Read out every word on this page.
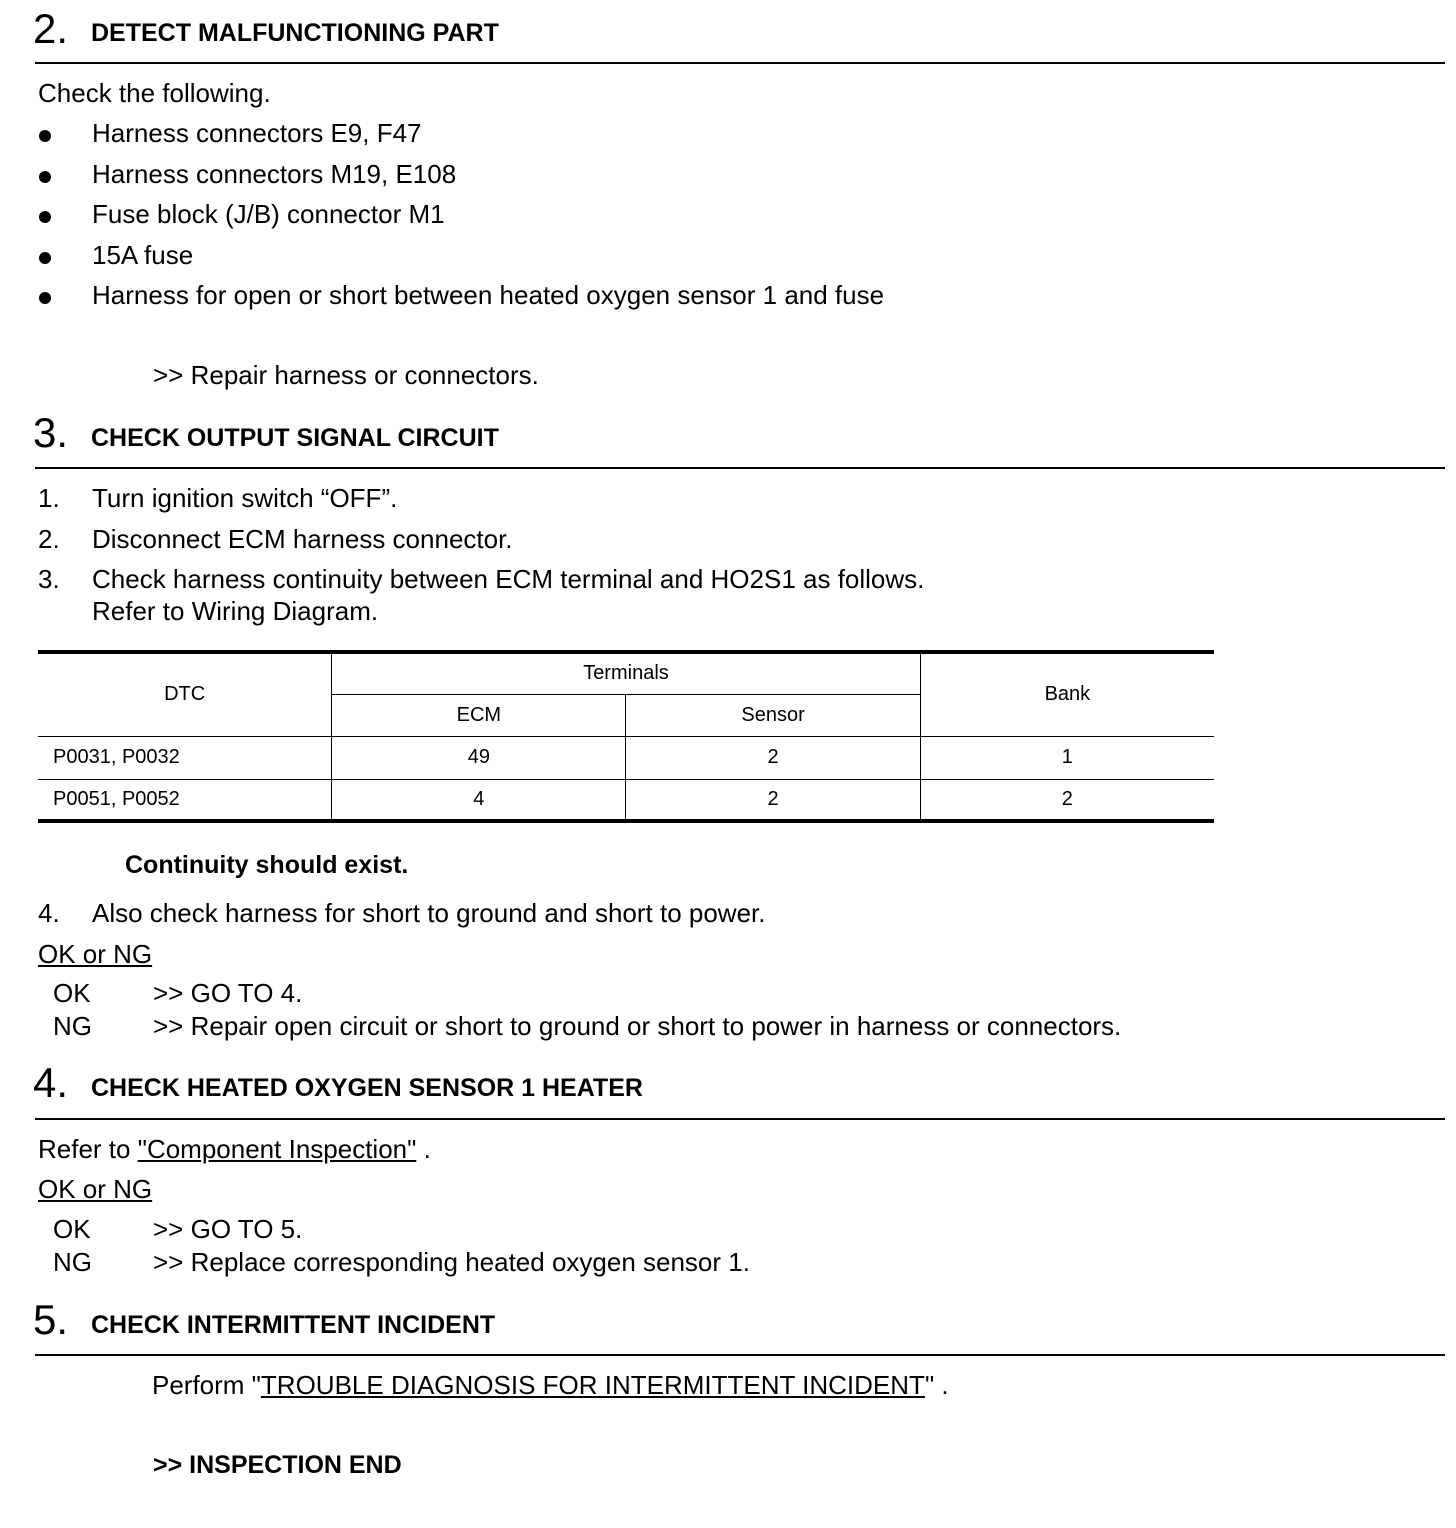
2. DETECT MALFUNCTIONING PART
Check the following.
Harness connectors E9, F47
Harness connectors M19, E108
Fuse block (J/B) connector M1
15A fuse
Harness for open or short between heated oxygen sensor 1 and fuse
>> Repair harness or connectors.
3. CHECK OUTPUT SIGNAL CIRCUIT
1. Turn ignition switch “OFF”.
2. Disconnect ECM harness connector.
3. Check harness continuity between ECM terminal and HO2S1 as follows.
Refer to Wiring Diagram.
DTC	Terminals		Bank
	ECM	Sensor	
P0031, P0032	49	2	1
P0051, P0052	4	2	2
Continuity should exist.
4. Also check harness for short to ground and short to power.
OK or NG
OK >> GO TO 4.
NG >> Repair open circuit or short to ground or short to power in harness or connectors.
4. CHECK HEATED OXYGEN SENSOR 1 HEATER
Refer to "Component Inspection" .
OK or NG
OK >> GO TO 5.
NG >> Replace corresponding heated oxygen sensor 1.
5. CHECK INTERMITTENT INCIDENT
Perform "TROUBLE DIAGNOSIS FOR INTERMITTENT INCIDENT" .
>> INSPECTION END
